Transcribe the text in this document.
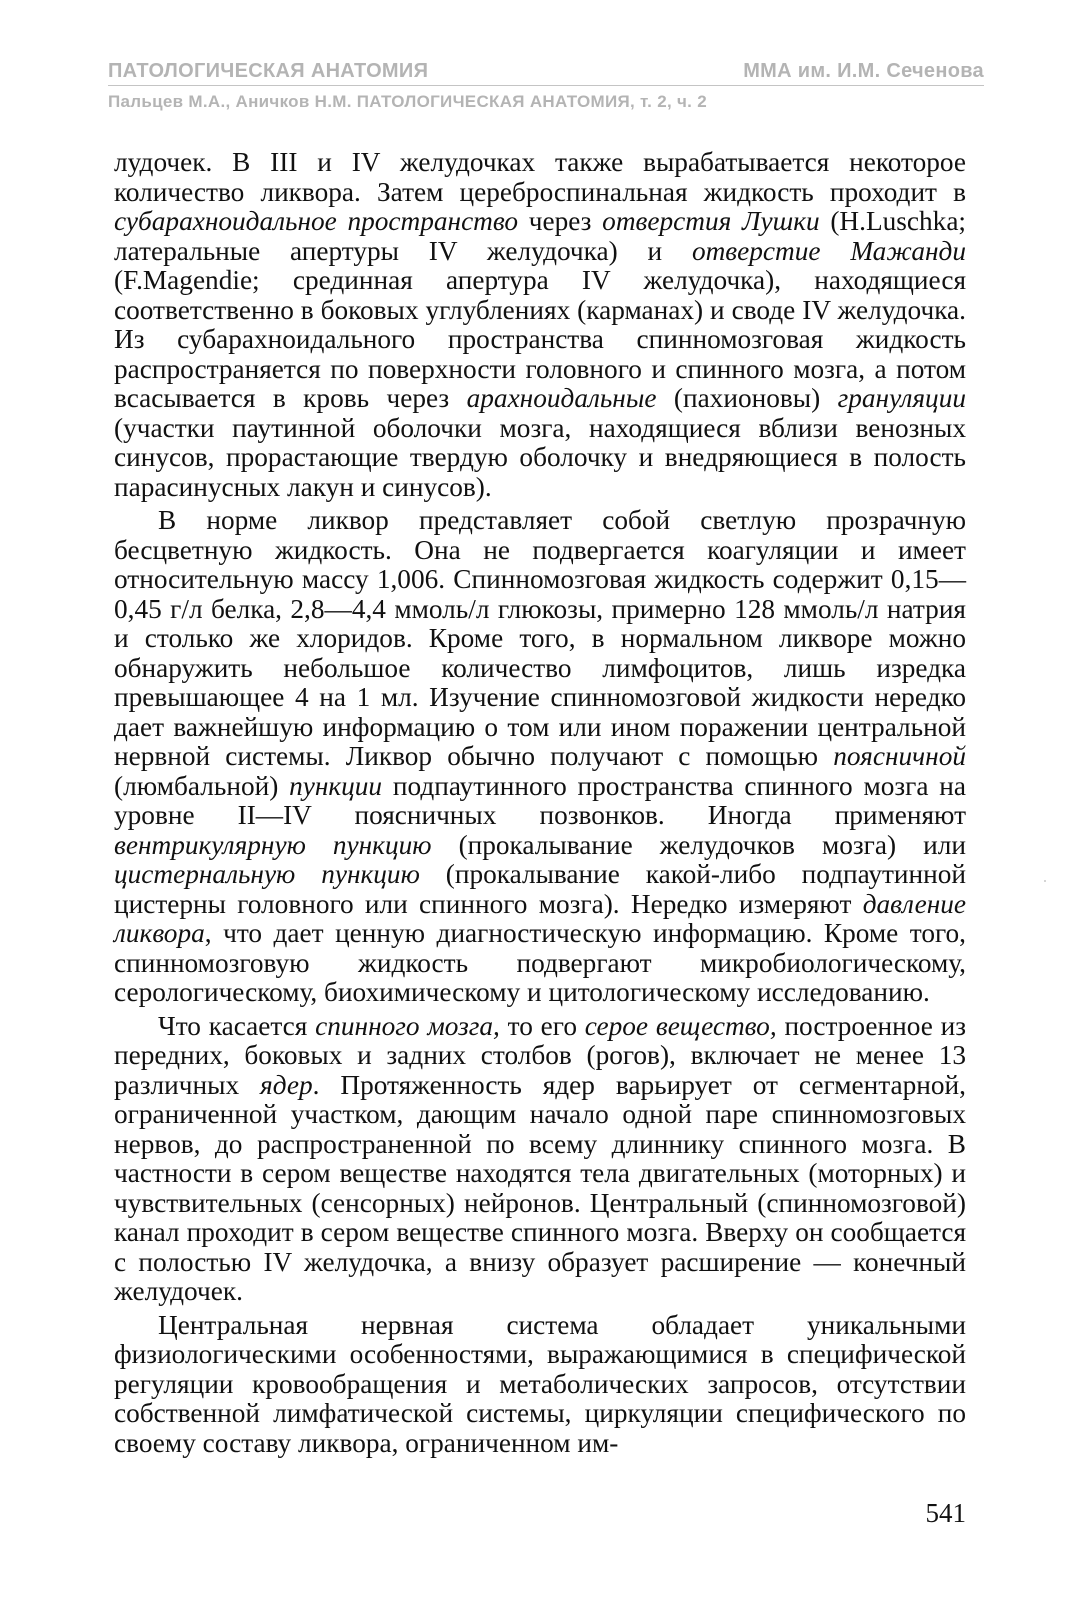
ПАТОЛОГИЧЕСКАЯ АНАТОМИЯ	ММА им. И.М. Сеченова
Пальцев М.А., Аничков Н.М. ПАТОЛОГИЧЕСКАЯ АНАТОМИЯ, т. 2, ч. 2

лудочек. В III и IV желудочках также вырабатывается некоторое количество ликвора. Затем цереброспинальная жидкость проходит в субарахноидальное пространство через отверстия Лушки (H.Luschka; латеральные апертуры IV желудочка) и отверстие Мажанди (F.Magendie; срединная апертура IV желудочка), находящиеся соответственно в боковых углублениях (карманах) и своде IV желудочка. Из субарахноидального пространства спинномозговая жидкость распространяется по поверхности головного и спинного мозга, а потом всасывается в кровь через арахноидальные (пахионовы) грануляции (участки паутинной оболочки мозга, находящиеся вблизи венозных синусов, прорастающие твердую оболочку и внедряющиеся в полость парасинусных лакун и синусов).

В норме ликвор представляет собой светлую прозрачную бесцветную жидкость. Она не подвергается коагуляции и имеет относительную массу 1,006. Спинномозговая жидкость содержит 0,15—0,45 г/л белка, 2,8—4,4 ммоль/л глюкозы, примерно 128 ммоль/л натрия и столько же хлоридов. Кроме того, в нормальном ликворе можно обнаружить небольшое количество лимфоцитов, лишь изредка превышающее 4 на 1 мл. Изучение спинномозговой жидкости нередко дает важнейшую информацию о том или ином поражении центральной нервной системы. Ликвор обычно получают с помощью поясничной (люмбальной) пункции подпаутинного пространства спинного мозга на уровне II—IV поясничных позвонков. Иногда применяют вентрикулярную пункцию (прокалывание желудочков мозга) или цистернальную пункцию (прокалывание какой-либо подпаутинной цистерны головного или спинного мозга). Нередко измеряют давление ликвора, что дает ценную диагностическую информацию. Кроме того, спинномозговую жидкость подвергают микробиологическому, серологическому, биохимическому и цитологическому исследованию.

Что касается спинного мозга, то его серое вещество, построенное из передних, боковых и задних столбов (рогов), включает не менее 13 различных ядер. Протяженность ядер варьирует от сегментарной, ограниченной участком, дающим начало одной паре спинномозговых нервов, до распространенной по всему длиннику спинного мозга. В частности в сером веществе находятся тела двигательных (моторных) и чувствительных (сенсорных) нейронов. Центральный (спинномозговой) канал проходит в сером веществе спинного мозга. Вверху он сообщается с полостью IV желудочка, а внизу образует расширение — конечный желудочек.

Центральная нервная система обладает уникальными физиологическими особенностями, выражающимися в специфической регуляции кровообращения и метаболических запросов, отсутствии собственной лимфатической системы, циркуляции специфического по своему составу ликвора, ограниченном им-

541
